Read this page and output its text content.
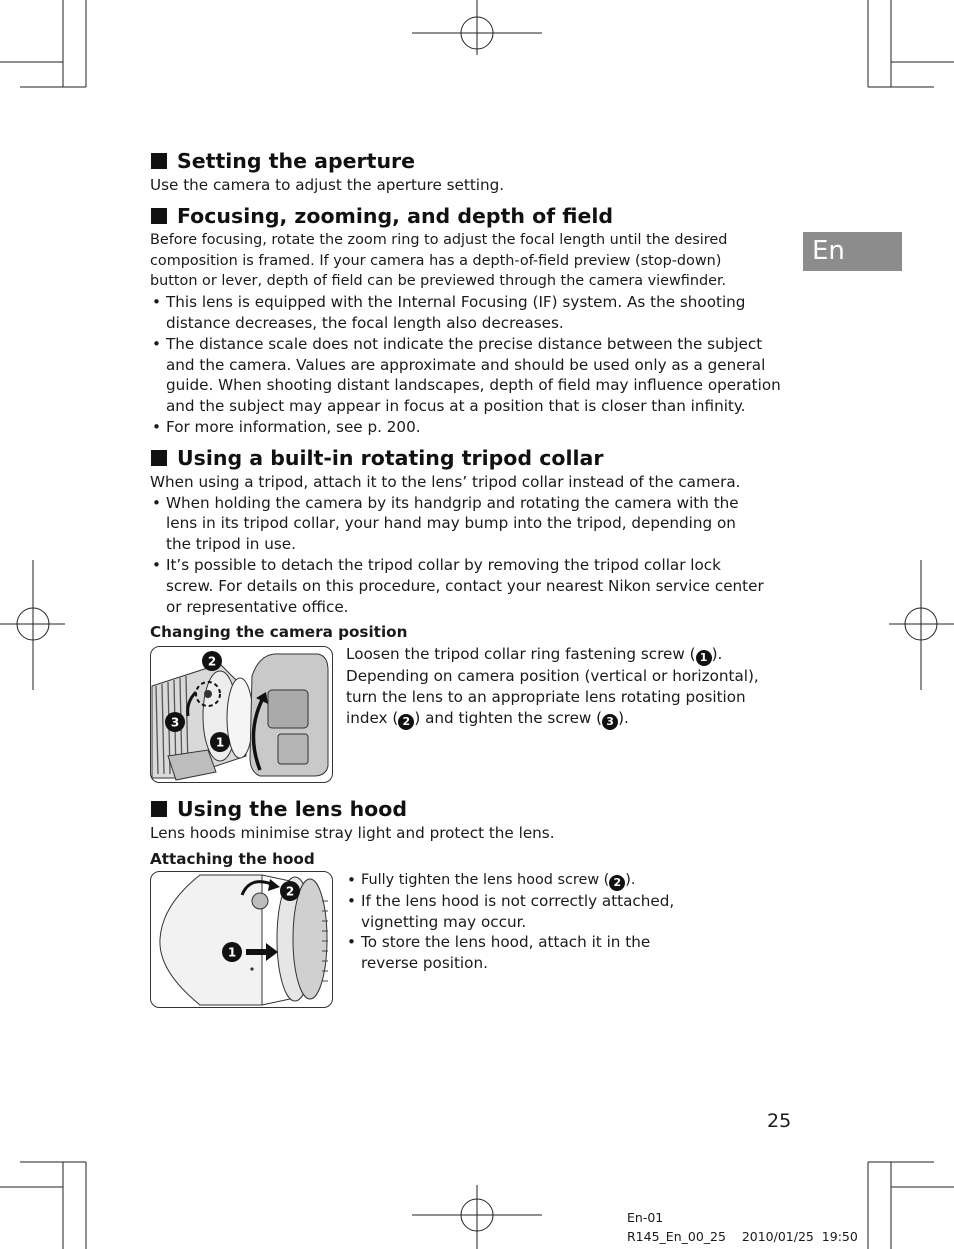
En
Setting the aperture
Use the camera to adjust the aperture setting.
Focusing, zooming, and depth of field
Before focusing, rotate the zoom ring to adjust the focal length until the desired
composition is framed. If your camera has a depth-of-field preview (stop-down)
button or lever, depth of field can be previewed through the camera viewfinder.
• This lens is equipped with the Internal Focusing (IF) system. As the shooting
distance decreases, the focal length also decreases.
• The distance scale does not indicate the precise distance between the subject
and the camera. Values are approximate and should be used only as a general
guide. When shooting distant landscapes, depth of field may influence operation
and the subject may appear in focus at a position that is closer than infinity.
• For more information, see p. 200.
Using a built-in rotating tripod collar
When using a tripod, attach it to the lens’ tripod collar instead of the camera.
• When holding the camera by its handgrip and rotating the camera with the
lens in its tripod collar, your hand may bump into the tripod, depending on
the tripod in use.
• It’s possible to detach the tripod collar by removing the tripod collar lock
screw. For details on this procedure, contact your nearest Nikon service center
or representative office.
Changing the camera position
2
3
1
Loosen the tripod collar ring fastening screw ( 1 ).
Depending on camera position (vertical or horizontal),
turn the lens to an appropriate lens rotating position
index ( 2 ) and tighten the screw ( 3 ).
Using the lens hood
Lens hoods minimise stray light and protect the lens.
Attaching the hood
2
1
• Fully tighten the lens hood screw ( 2 ).
• If the lens hood is not correctly attached,
vignetting may occur.
• To store the lens hood, attach it in the
reverse position.
25
En-01
R145_En_00_25    2010/01/25  19:50
